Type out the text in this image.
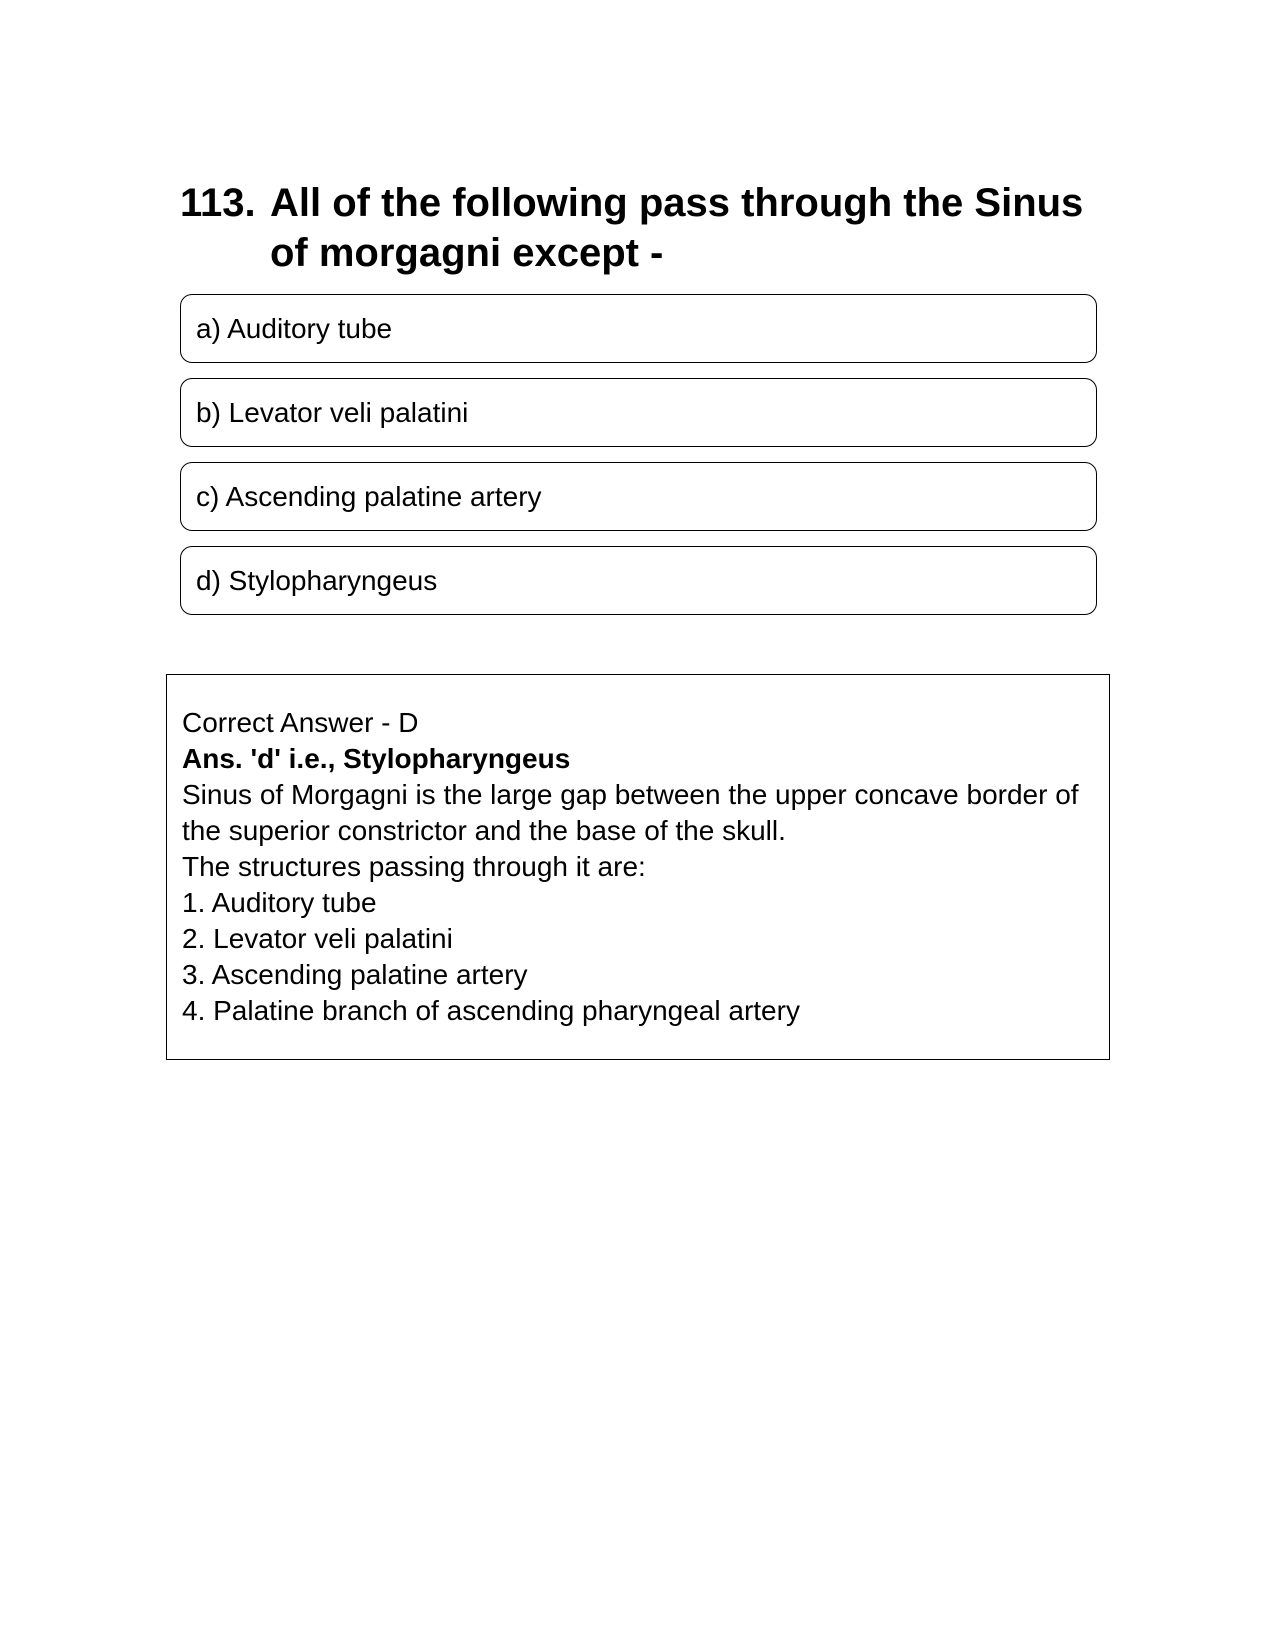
113. All of the following pass through the Sinus of morgagni except -
a) Auditory tube
b) Levator veli palatini
c) Ascending palatine artery
d) Stylopharyngeus
Correct Answer - D
Ans. 'd' i.e., Stylopharyngeus
Sinus of Morgagni is the large gap between the upper concave border of the superior constrictor and the base of the skull.
The structures passing through it are:
1. Auditory tube
2. Levator veli palatini
3. Ascending palatine artery
4. Palatine branch of ascending pharyngeal artery
